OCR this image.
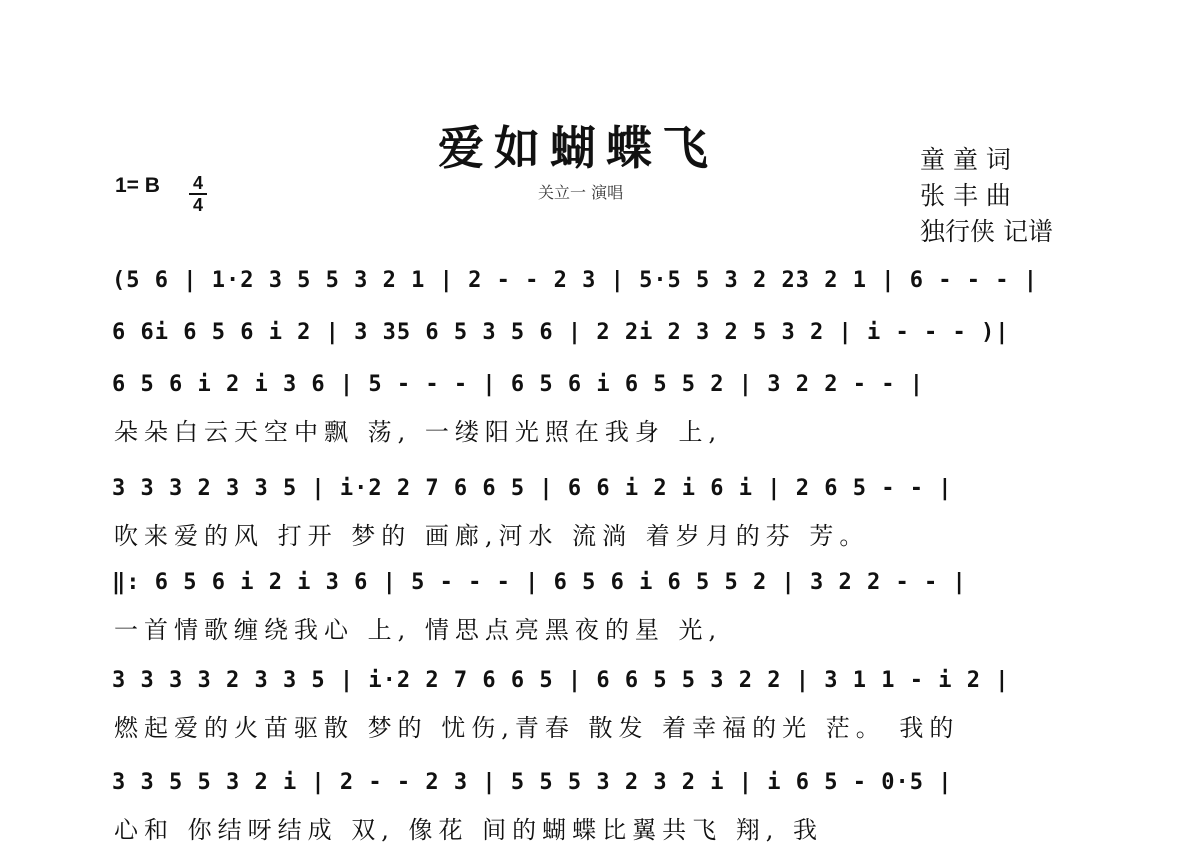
爱如蝴蝶飞
关立一 演唱
1= B 4
4
童 童 词
张 丰 曲
独行侠 记谱
(5 6 | 1·2 3 5 5 3 2 1 | 2 - - 2 3 | 5·5 5 3 2 23 2 1 | 6 - - - |
6 6i 6 5 6 i 2 | 3 35 6 5 3 5 6 | 2 2i 2 3 2 5 3 2 | i - - - )|
6 5 6 i 2 i 3 6 | 5 - - - | 6 5 6 i 6 5 5 2 | 3 2 2 - - |
朵朵白云天空中飘 荡, 一缕阳光照在我身 上,
3 3 3 2 3 3 5 | i·2 2 7 6 6 5 | 6 6 i 2 i 6 i | 2 6 5 - - |
吹来爱的风 打开 梦的 画廊,河水 流淌 着岁月的芬 芳。
‖: 6 5 6 i 2 i 3 6 | 5 - - - | 6 5 6 i 6 5 5 2 | 3 2 2 - - |
一首情歌缠绕我心 上, 情思点亮黑夜的星 光,
3 3 3 3 2 3 3 5 | i·2 2 7 6 6 5 | 6 6 5 5 3 2 2 | 3 1 1 - i 2 |
燃起爱的火苗驱散 梦的 忧伤,青春 散发 着幸福的光 茫。 我的
3 3 5 5 3 2 i | 2 - - 2 3 | 5 5 5 3 2 3 2 i | i 6 5 - 0·5 |
心和 你结呀结成 双, 像花 间的蝴蝶比翼共飞 翔, 我
